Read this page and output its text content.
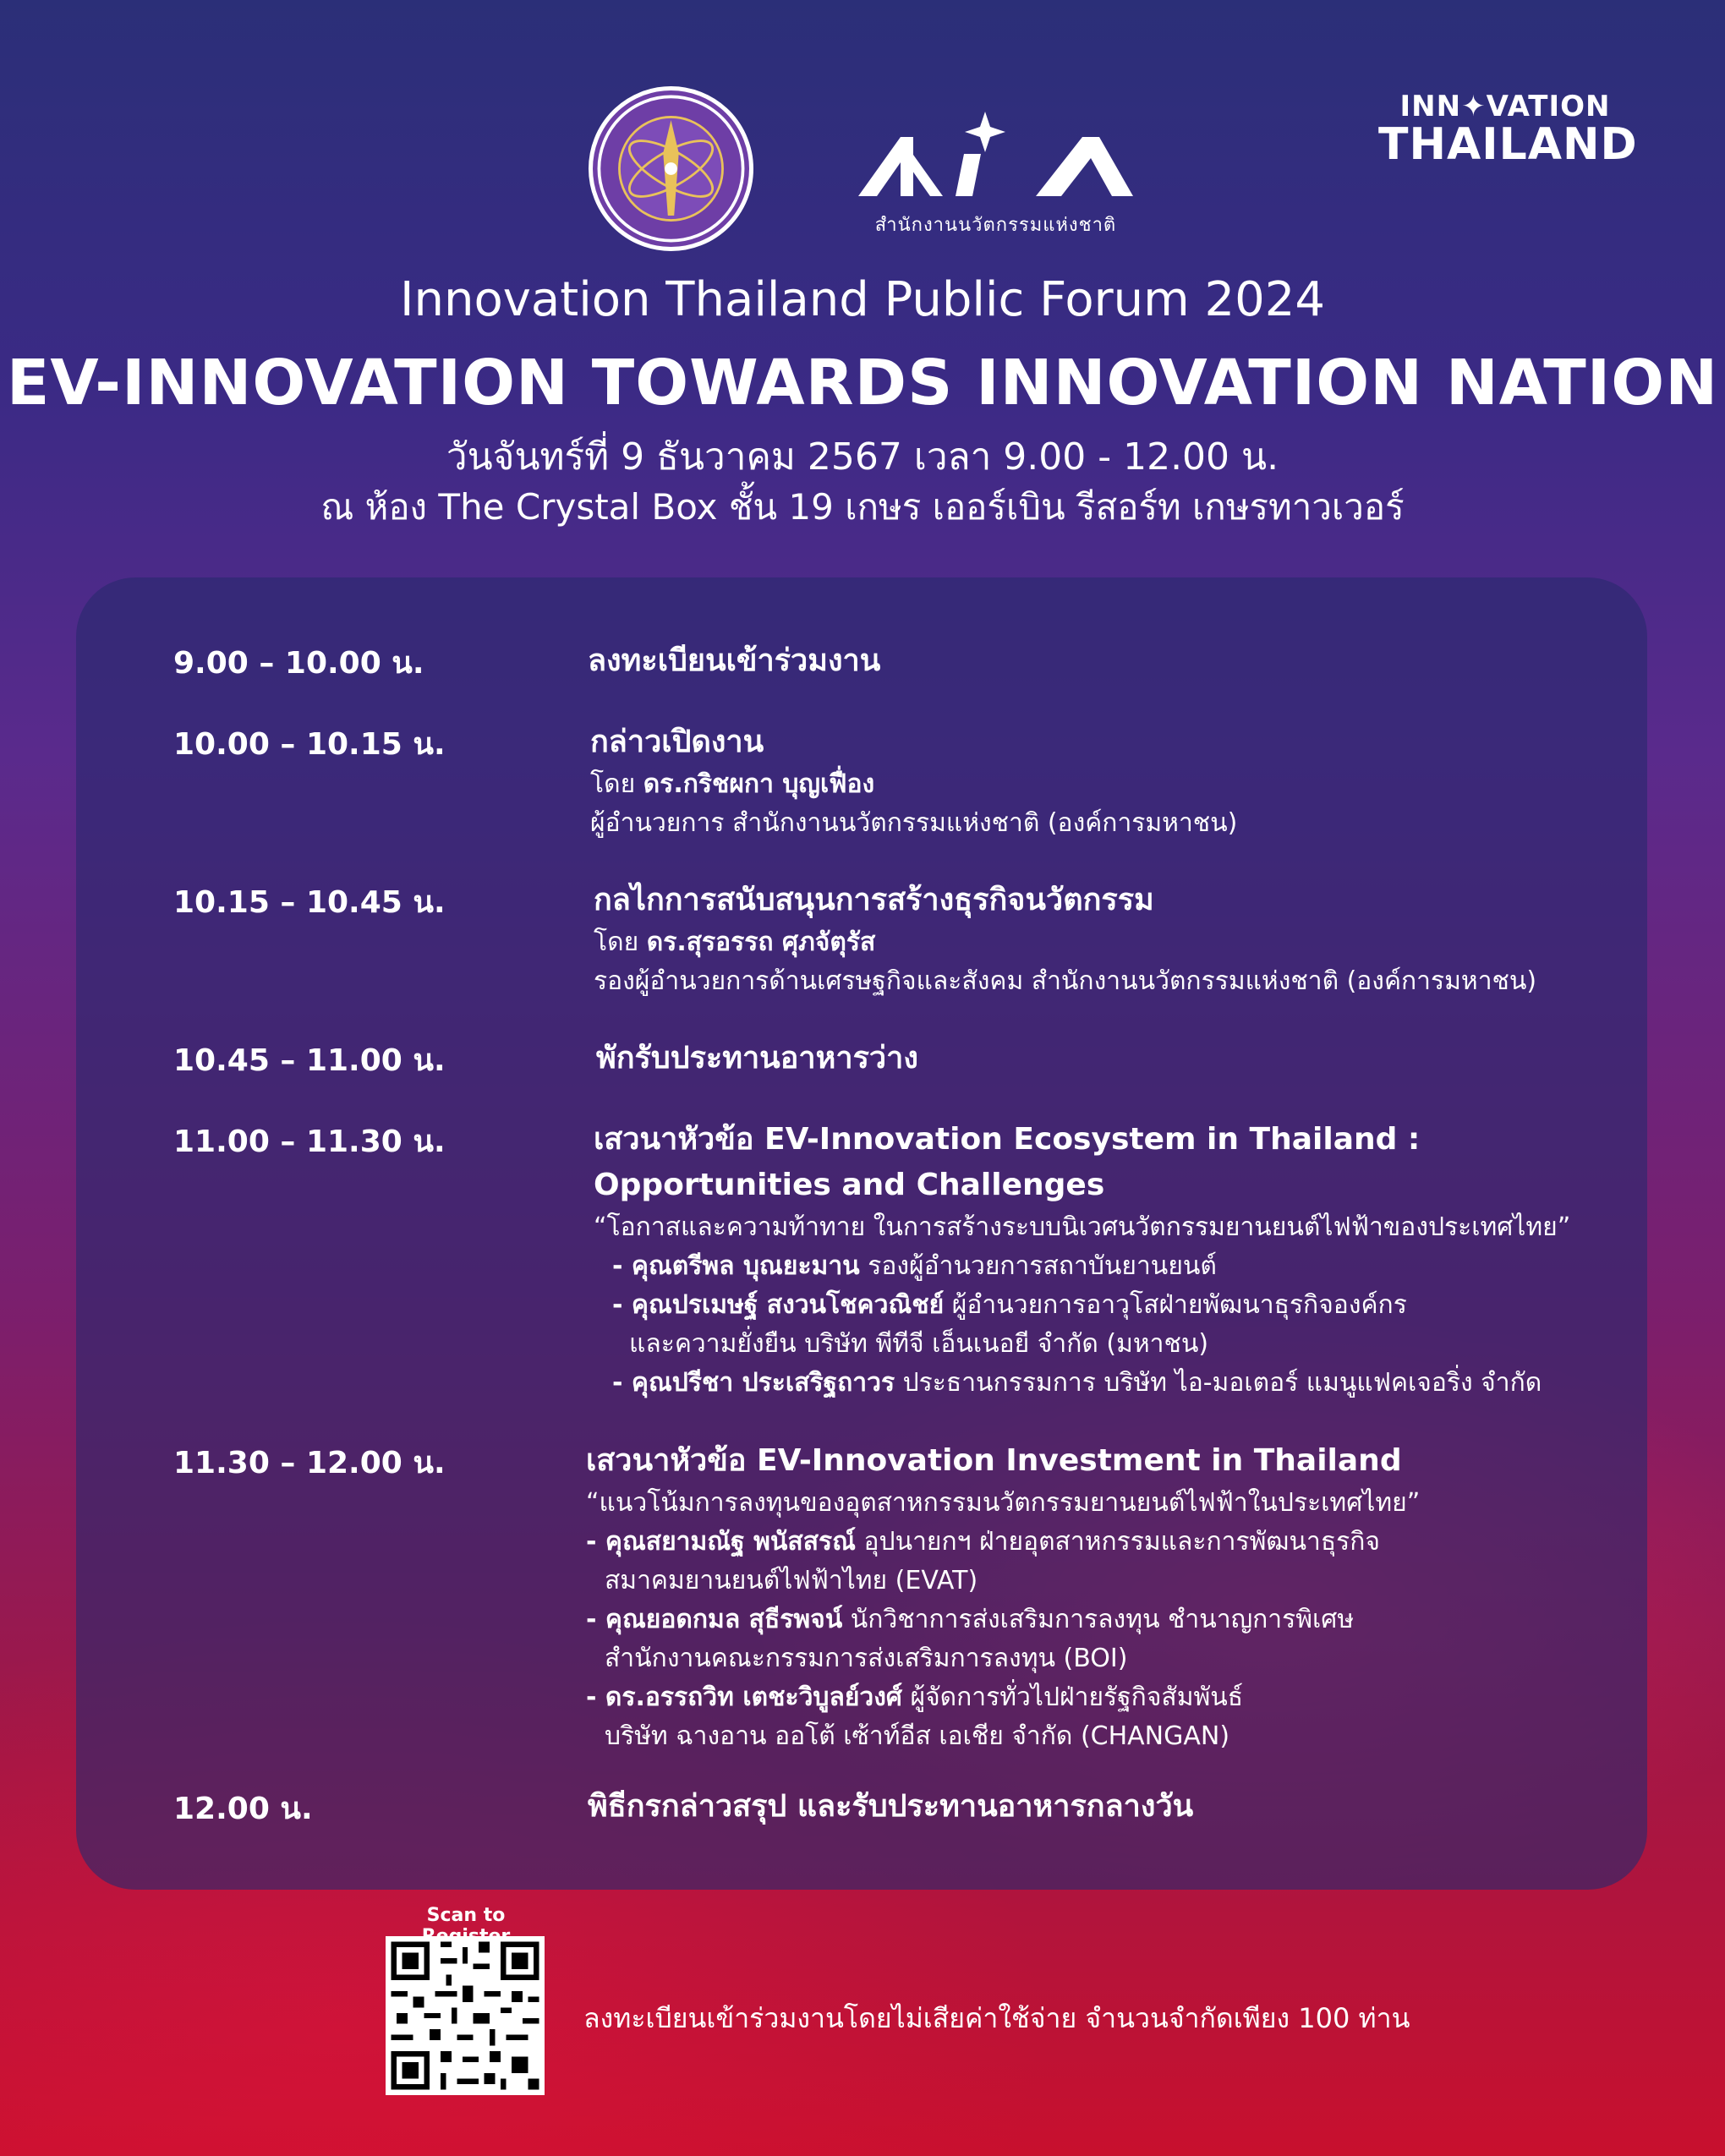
สำนักงานนวัตกรรมแห่งชาติ
INN✦VATION
THAILAND
Innovation Thailand Public Forum 2024
EV-INNOVATION TOWARDS INNOVATION NATION
วันจันทร์ที่ 9 ธันวาคม 2567 เวลา 9.00 - 12.00 น.
ณ ห้อง The Crystal Box ชั้น 19 เกษร เออร์เบิน รีสอร์ท เกษรทาวเวอร์
9.00 – 10.00 น.	ลงทะเบียนเข้าร่วมงาน
10.00 – 10.15 น.	กล่าวเปิดงาน
โดย ดร.กริชผกา บุญเฟื่อง
ผู้อำนวยการ สำนักงานนวัตกรรมแห่งชาติ (องค์การมหาชน)
10.15 – 10.45 น.	กลไกการสนับสนุนการสร้างธุรกิจนวัตกรรม
โดย ดร.สุรอรรถ ศุภจัตุรัส
รองผู้อำนวยการด้านเศรษฐกิจและสังคม สำนักงานนวัตกรรมแห่งชาติ (องค์การมหาชน)
10.45 – 11.00 น.	พักรับประทานอาหารว่าง
11.00 – 11.30 น.	เสวนาหัวข้อ EV-Innovation Ecosystem in Thailand :
Opportunities and Challenges
“โอกาสและความท้าทาย ในการสร้างระบบนิเวศนวัตกรรมยานยนต์ไฟฟ้าของประเทศไทย”
- คุณตรีพล บุณยะมาน รองผู้อำนวยการสถาบันยานยนต์
- คุณปรเมษฐ์ สงวนโชควณิชย์ ผู้อำนวยการอาวุโสฝ่ายพัฒนาธุรกิจองค์กร
และความยั่งยืน บริษัท พีทีจี เอ็นเนอยี จำกัด (มหาชน)
- คุณปรีชา ประเสริฐถาวร ประธานกรรมการ บริษัท ไอ-มอเตอร์ แมนูแฟคเจอริ่ง จำกัด
11.30 – 12.00 น.	เสวนาหัวข้อ EV-Innovation Investment in Thailand
“แนวโน้มการลงทุนของอุตสาหกรรมนวัตกรรมยานยนต์ไฟฟ้าในประเทศไทย”
- คุณสยามณัฐ พนัสสรณ์ อุปนายกฯ ฝ่ายอุตสาหกรรมและการพัฒนาธุรกิจ
สมาคมยานยนต์ไฟฟ้าไทย (EVAT)
- คุณยอดกมล สุธีรพจน์ นักวิชาการส่งเสริมการลงทุน ชำนาญการพิเศษ
สำนักงานคณะกรรมการส่งเสริมการลงทุน (BOI)
- ดร.อรรถวิท เตชะวิบูลย์วงศ์ ผู้จัดการทั่วไปฝ่ายรัฐกิจสัมพันธ์
บริษัท ฉางอาน ออโต้ เซ้าท์อีส เอเชีย จำกัด (CHANGAN)
12.00 น.	พิธีกรกล่าวสรุป และรับประทานอาหารกลางวัน
Scan to
ลงทะเบียนเข้าร่วมงานโดยไม่เสียค่าใช้จ่าย จำนวนจำกัดเพียง 100 ท่าน
